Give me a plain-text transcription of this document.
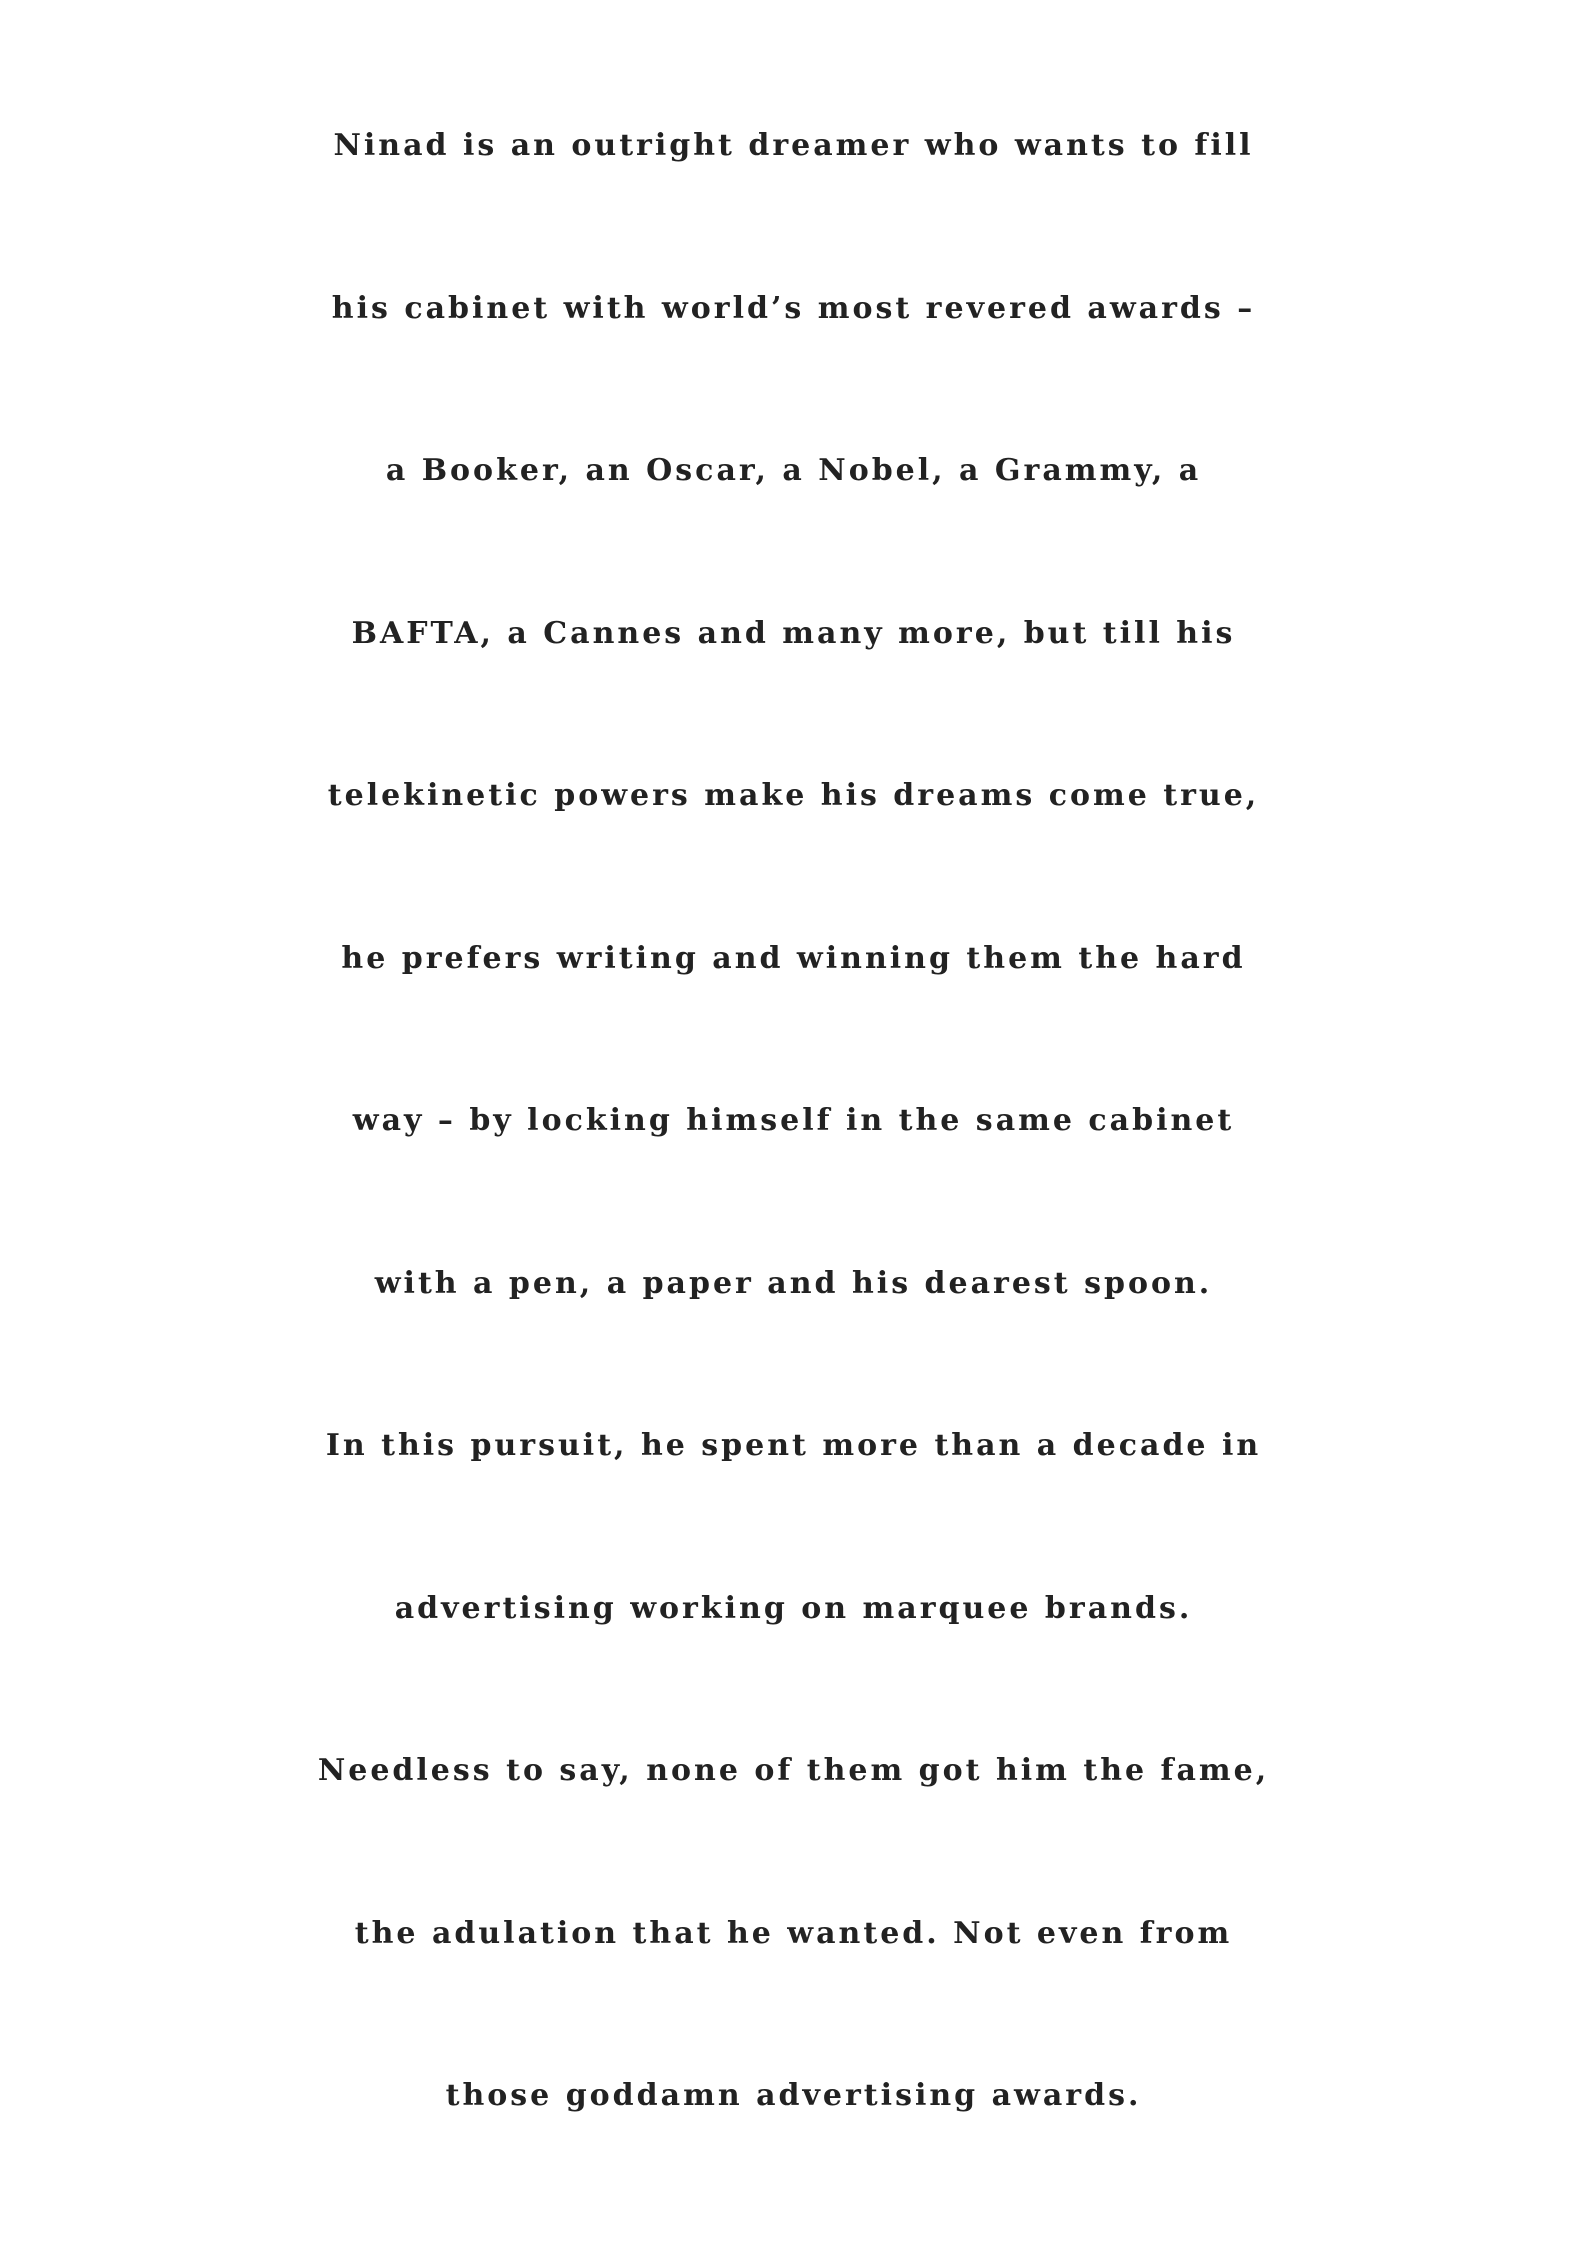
Ninad is an outright dreamer who wants to fill
his cabinet with world’s most revered awards –
a Booker, an Oscar, a Nobel, a Grammy, a
BAFTA, a Cannes and many more, but till his
telekinetic powers make his dreams come true,
he prefers writing and winning them the hard
way – by locking himself in the same cabinet
with a pen, a paper and his dearest spoon.
In this pursuit, he spent more than a decade in
advertising working on marquee brands.
Needless to say, none of them got him the fame,
the adulation that he wanted. Not even from
those goddamn advertising awards.
